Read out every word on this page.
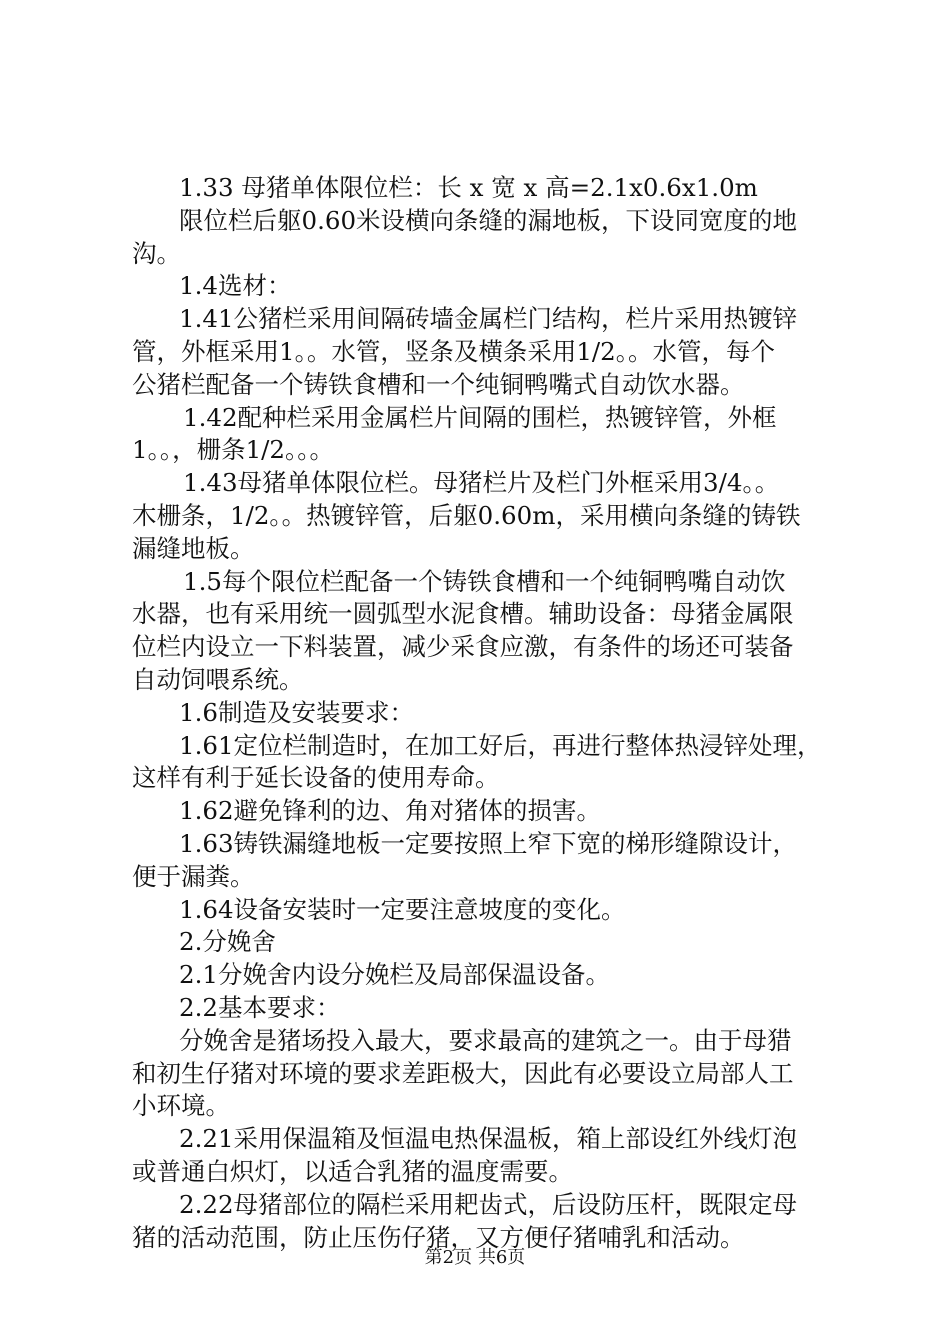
1.33 母猪单体限位栏：长 x 宽 x 高=2.1x0.6x1.0m
限位栏后躯0.60米设横向条缝的漏地板，下设同宽度的地
沟。
1.4选材：
1.41公猪栏采用间隔砖墙金属栏门结构，栏片采用热镀锌
管，外框采用1。。水管，竖条及横条采用1/2。。水管，每个
公猪栏配备一个铸铁食槽和一个纯铜鸭嘴式自动饮水器。
1.42配种栏采用金属栏片间隔的围栏，热镀锌管，外框
1。。，栅条1/2。。。
1.43母猪单体限位栏。母猪栏片及栏门外框采用3/4。。
木栅条，1/2。。热镀锌管，后躯0.60m，采用横向条缝的铸铁
漏缝地板。
1.5每个限位栏配备一个铸铁食槽和一个纯铜鸭嘴自动饮
水器，也有采用统一圆弧型水泥食槽。辅助设备：母猪金属限
位栏内设立一下料装置，减少采食应激，有条件的场还可装备
自动饲喂系统。
1.6制造及安装要求：
1.61定位栏制造时，在加工好后，再进行整体热浸锌处理，
这样有利于延长设备的使用寿命。
1.62避免锋利的边、角对猪体的损害。
1.63铸铁漏缝地板一定要按照上窄下宽的梯形缝隙设计，
便于漏粪。
1.64设备安装时一定要注意坡度的变化。
2.分娩舍
2.1分娩舍内设分娩栏及局部保温设备。
2.2基本要求：
分娩舍是猪场投入最大，要求最高的建筑之一。由于母猎
和初生仔猪对环境的要求差距极大，因此有必要设立局部人工
小环境。
2.21采用保温箱及恒温电热保温板，箱上部设红外线灯泡
或普通白炽灯，以适合乳猪的温度需要。
2.22母猪部位的隔栏采用耙齿式，后设防压杆，既限定母
猪的活动范围，防止压伤仔猪，又方便仔猪哺乳和活动。
第2页 共6页
